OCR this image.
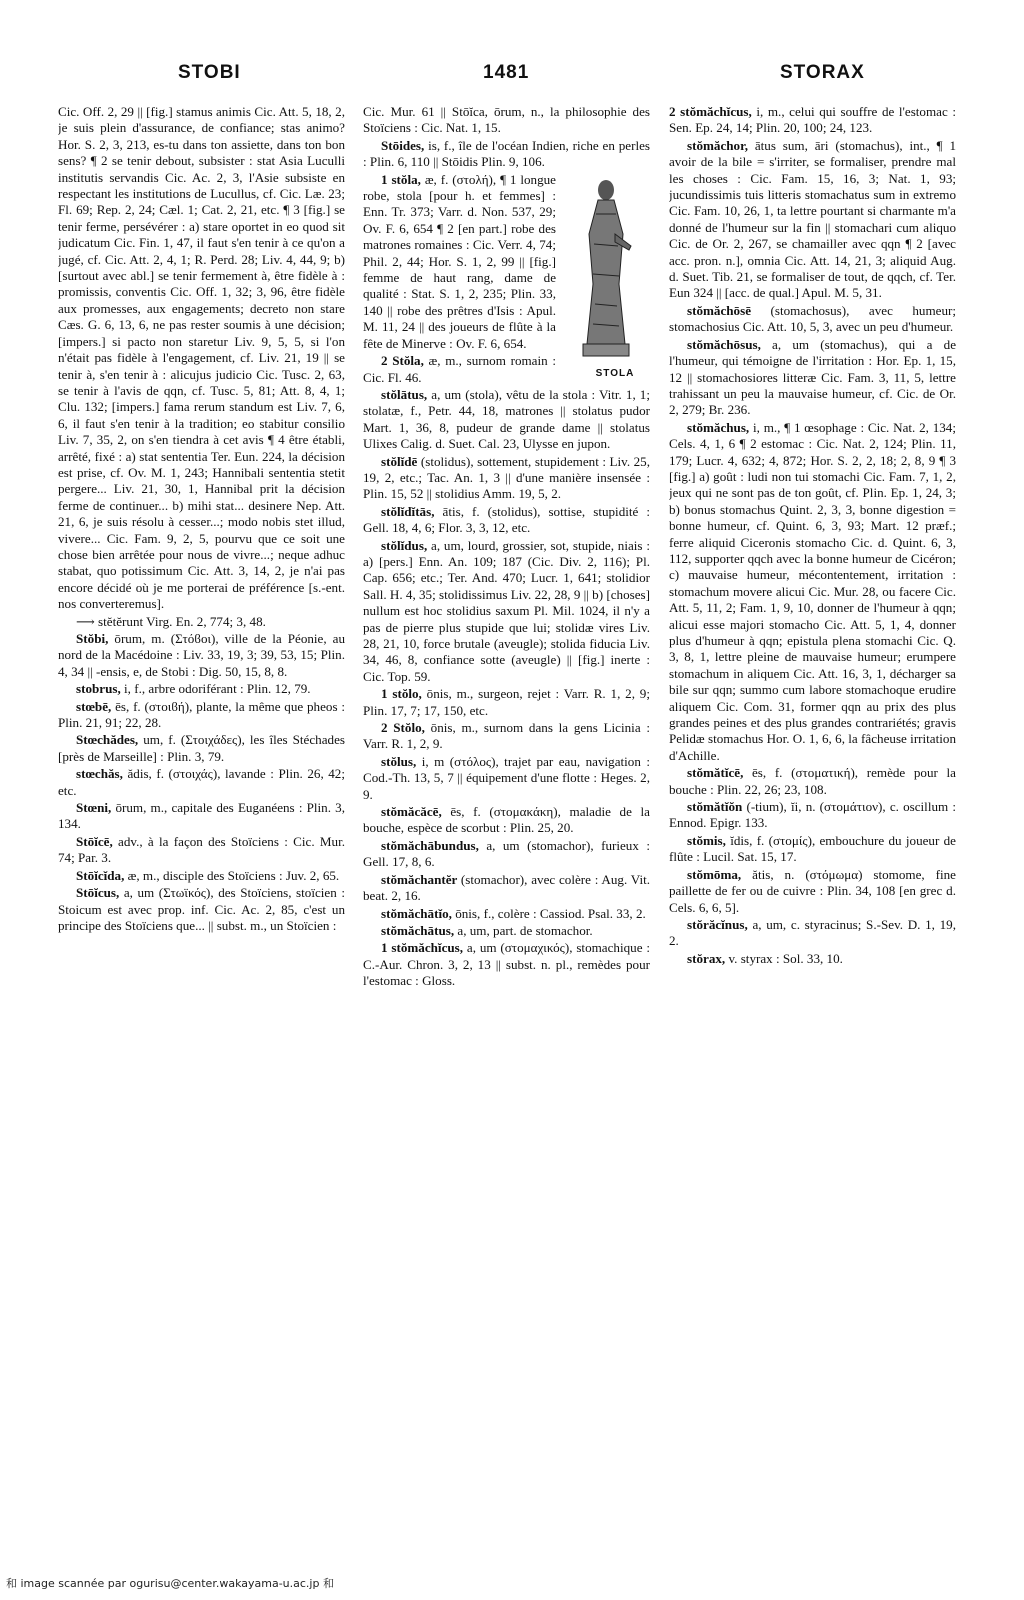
STOBI	1481	STORAX

Cic. Off. 2, 29 || [fig.] stamus animis Cic. Att. 5, 18, 2, je suis plein d'assurance, de confiance; stas animo? Hor. S. 2, 3, 213, es-tu dans ton assiette, dans ton bon sens? ¶ 2 se tenir debout, subsister : stat Asia Luculli institutis servandis Cic. Ac. 2, 3, l'Asie subsiste en respectant les institutions de Lucullus, cf. Cic. Læ. 23; Fl. 69; Rep. 2, 24; Cæl. 1; Cat. 2, 21, etc. ¶ 3 [fig.] se tenir ferme, persévérer : a) stare oportet in eo quod sit judicatum Cic. Fin. 1, 47, il faut s'en tenir à ce qu'on a jugé, cf. Cic. Att. 2, 4, 1; R. Perd. 28; Liv. 4, 44, 9; b) [surtout avec abl.] se tenir fermement à, être fidèle à : promissis, conventis Cic. Off. 1, 32; 3, 96, être fidèle aux promesses, aux engagements; decreto non stare Cæs. G. 6, 13, 6, ne pas rester soumis à une décision; [impers.] si pacto non staretur Liv. 9, 5, 5, si l'on n'était pas fidèle à l'engagement, cf. Liv. 21, 19 || se tenir à, s'en tenir à : alicujus judicio Cic. Tusc. 2, 63, se tenir à l'avis de qqn, cf. Tusc. 5, 81; Att. 8, 4, 1; Clu. 132; [impers.] fama rerum standum est Liv. 7, 6, 6, il faut s'en tenir à la tradition; eo stabitur consilio Liv. 7, 35, 2, on s'en tiendra à cet avis ¶ 4 être établi, arrêté, fixé : a) stat sententia Ter. Eun. 224, la décision est prise, cf. Ov. M. 1, 243; Hannibali sententia stetit pergere... Liv. 21, 30, 1, Hannibal prit la décision ferme de continuer... b) mihi stat... desinere Nep. Att. 21, 6, je suis résolu à cesser...; modo nobis stet illud, vivere... Cic. Fam. 9, 2, 5, pourvu que ce soit une chose bien arrêtée pour nous de vivre...; neque adhuc stabat, quo potissimum Cic. Att. 3, 14, 2, je n'ai pas encore décidé où je me porterai de préférence [s.-ent. nos converteremus].

⟶ stĕtĕrunt Virg. En. 2, 774; 3, 48.

Stŏbi, ōrum, m. (Στόϐοι), ville de la Péonie, au nord de la Macédoine : Liv. 33, 19, 3; 39, 53, 15; Plin. 4, 34 || -ensis, e, de Stobi : Dig. 50, 15, 8, 8.

stobrus, i, f., arbre odoriférant : Plin. 12, 79.

stœbē, ēs, f. (στοιϐή), plante, la même que pheos : Plin. 21, 91; 22, 28.

Stœchădes, um, f. (Στοιχάδες), les îles Stéchades [près de Marseille] : Plin. 3, 79.

stœchăs, ădis, f. (στοιχάς), lavande : Plin. 26, 42; etc.

Stœni, ōrum, m., capitale des Euganéens : Plin. 3, 134.

Stōĭcē, adv., à la façon des Stoïciens : Cic. Mur. 74; Par. 3.

Stōĭcĭda, æ, m., disciple des Stoïciens : Juv. 2, 65.

Stōĭcus, a, um (Στωϊκός), des Stoïciens, stoïcien : Stoicum est avec prop. inf. Cic. Ac. 2, 85, c'est un principe des Stoïciens que... || subst. m., un Stoïcien :

Cic. Mur. 61 || Stōĭca, ōrum, n., la philosophie des Stoïciens : Cic. Nat. 1, 15.

Stōides, is, f., île de l'océan Indien, riche en perles : Plin. 6, 110 || Stōidis Plin. 9, 106.

STOLA
1 stŏla, æ, f. (στολή), ¶ 1 longue robe, stola [pour h. et femmes] : Enn. Tr. 373; Varr. d. Non. 537, 29; Ov. F. 6, 654 ¶ 2 [en part.] robe des matrones romaines : Cic. Verr. 4, 74; Phil. 2, 44; Hor. S. 1, 2, 99 || [fig.] femme de haut rang, dame de qualité : Stat. S. 1, 2, 235; Plin. 33, 140 || robe des prêtres d'Isis : Apul. M. 11, 24 || des joueurs de flûte à la fête de Minerve : Ov. F. 6, 654.

2 Stŏla, æ, m., surnom romain : Cic. Fl. 46.

stŏlātus, a, um (stola), vêtu de la stola : Vitr. 1, 1; stolatæ, f., Petr. 44, 18, matrones || stolatus pudor Mart. 1, 36, 8, pudeur de grande dame || stolatus Ulixes Calig. d. Suet. Cal. 23, Ulysse en jupon.

stŏlĭdē (stolidus), sottement, stupidement : Liv. 25, 19, 2, etc.; Tac. An. 1, 3 || d'une manière insensée : Plin. 15, 52 || stolidius Amm. 19, 5, 2.

stŏlĭdĭtās, ātis, f. (stolidus), sottise, stupidité : Gell. 18, 4, 6; Flor. 3, 3, 12, etc.

stŏlĭdus, a, um, lourd, grossier, sot, stupide, niais : a) [pers.] Enn. An. 109; 187 (Cic. Div. 2, 116); Pl. Cap. 656; etc.; Ter. And. 470; Lucr. 1, 641; stolidior Sall. H. 4, 35; stolidissimus Liv. 22, 28, 9 || b) [choses] nullum est hoc stolidius saxum Pl. Mil. 1024, il n'y a pas de pierre plus stupide que lui; stolidæ vires Liv. 28, 21, 10, force brutale (aveugle); stolida fiducia Liv. 34, 46, 8, confiance sotte (aveugle) || [fig.] inerte : Cic. Top. 59.

1 stŏlo, ōnis, m., surgeon, rejet : Varr. R. 1, 2, 9; Plin. 17, 7; 17, 150, etc.

2 Stŏlo, ōnis, m., surnom dans la gens Licinia : Varr. R. 1, 2, 9.

stŏlus, i, m (στόλος), trajet par eau, navigation : Cod.-Th. 13, 5, 7 || équipement d'une flotte : Heges. 2, 9.

stŏmăcăcē, ēs, f. (στομακάκη), maladie de la bouche, espèce de scorbut : Plin. 25, 20.

stŏmăchābundus, a, um (stomachor), furieux : Gell. 17, 8, 6.

stŏmăchantĕr (stomachor), avec colère : Aug. Vit. beat. 2, 16.

stŏmăchātĭo, ōnis, f., colère : Cassiod. Psal. 33, 2.

stŏmăchātus, a, um, part. de stomachor.

1 stŏmăchĭcus, a, um (στομαχικός), stomachique : C.-Aur. Chron. 3, 2, 13 || subst. n. pl., remèdes pour l'estomac : Gloss.

2 stŏmăchĭcus, i, m., celui qui souffre de l'estomac : Sen. Ep. 24, 14; Plin. 20, 100; 24, 123.

stŏmăchor, ātus sum, āri (stomachus), int., ¶ 1 avoir de la bile = s'irriter, se formaliser, prendre mal les choses : Cic. Fam. 15, 16, 3; Nat. 1, 93; jucundissimis tuis litteris stomachatus sum in extremo Cic. Fam. 10, 26, 1, ta lettre pourtant si charmante m'a donné de l'humeur sur la fin || stomachari cum aliquo Cic. de Or. 2, 267, se chamailler avec qqn ¶ 2 [avec acc. pron. n.], omnia Cic. Att. 14, 21, 3; aliquid Aug. d. Suet. Tib. 21, se formaliser de tout, de qqch, cf. Ter. Eun 324 || [acc. de qual.] Apul. M. 5, 31.

stŏmăchōsē (stomachosus), avec humeur; stomachosius Cic. Att. 10, 5, 3, avec un peu d'humeur.

stŏmăchōsus, a, um (stomachus), qui a de l'humeur, qui témoigne de l'irritation : Hor. Ep. 1, 15, 12 || stomachosiores litteræ Cic. Fam. 3, 11, 5, lettre trahissant un peu la mauvaise humeur, cf. Cic. de Or. 2, 279; Br. 236.

stŏmăchus, i, m., ¶ 1 œsophage : Cic. Nat. 2, 134; Cels. 4, 1, 6 ¶ 2 estomac : Cic. Nat. 2, 124; Plin. 11, 179; Lucr. 4, 632; 4, 872; Hor. S. 2, 2, 18; 2, 8, 9 ¶ 3 [fig.] a) goût : ludi non tui stomachi Cic. Fam. 7, 1, 2, jeux qui ne sont pas de ton goût, cf. Plin. Ep. 1, 24, 3; b) bonus stomachus Quint. 2, 3, 3, bonne digestion = bonne humeur, cf. Quint. 6, 3, 93; Mart. 12 præf.; ferre aliquid Ciceronis stomacho Cic. d. Quint. 6, 3, 112, supporter qqch avec la bonne humeur de Cicéron; c) mauvaise humeur, mécontentement, irritation : stomachum movere alicui Cic. Mur. 28, ou facere Cic. Att. 5, 11, 2; Fam. 1, 9, 10, donner de l'humeur à qqn; alicui esse majori stomacho Cic. Att. 5, 1, 4, donner plus d'humeur à qqn; epistula plena stomachi Cic. Q. 3, 8, 1, lettre pleine de mauvaise humeur; erumpere stomachum in aliquem Cic. Att. 16, 3, 1, décharger sa bile sur qqn; summo cum labore stomachoque erudire aliquem Cic. Com. 31, former qqn au prix des plus grandes peines et des plus grandes contrariétés; gravis Pelidæ stomachus Hor. O. 1, 6, 6, la fâcheuse irritation d'Achille.

stŏmătĭcē, ēs, f. (στοματική), remède pour la bouche : Plin. 22, 26; 23, 108.

stŏmătĭŏn (-tium), ĭi, n. (στομάτιον), c. oscillum : Ennod. Epigr. 133.

stŏmis, ĭdis, f. (στομίς), embouchure du joueur de flûte : Lucil. Sat. 15, 17.

stŏmōma, ătis, n. (στόμωμα) stomome, fine paillette de fer ou de cuivre : Plin. 34, 108 [en grec d. Cels. 6, 6, 5].

stŏrăcĭnus, a, um, c. styracinus; S.-Sev. D. 1, 19, 2.

stŏrax, v. styrax : Sol. 33, 10.

和 image scannée par ogurisu@center.wakayama-u.ac.jp 和
